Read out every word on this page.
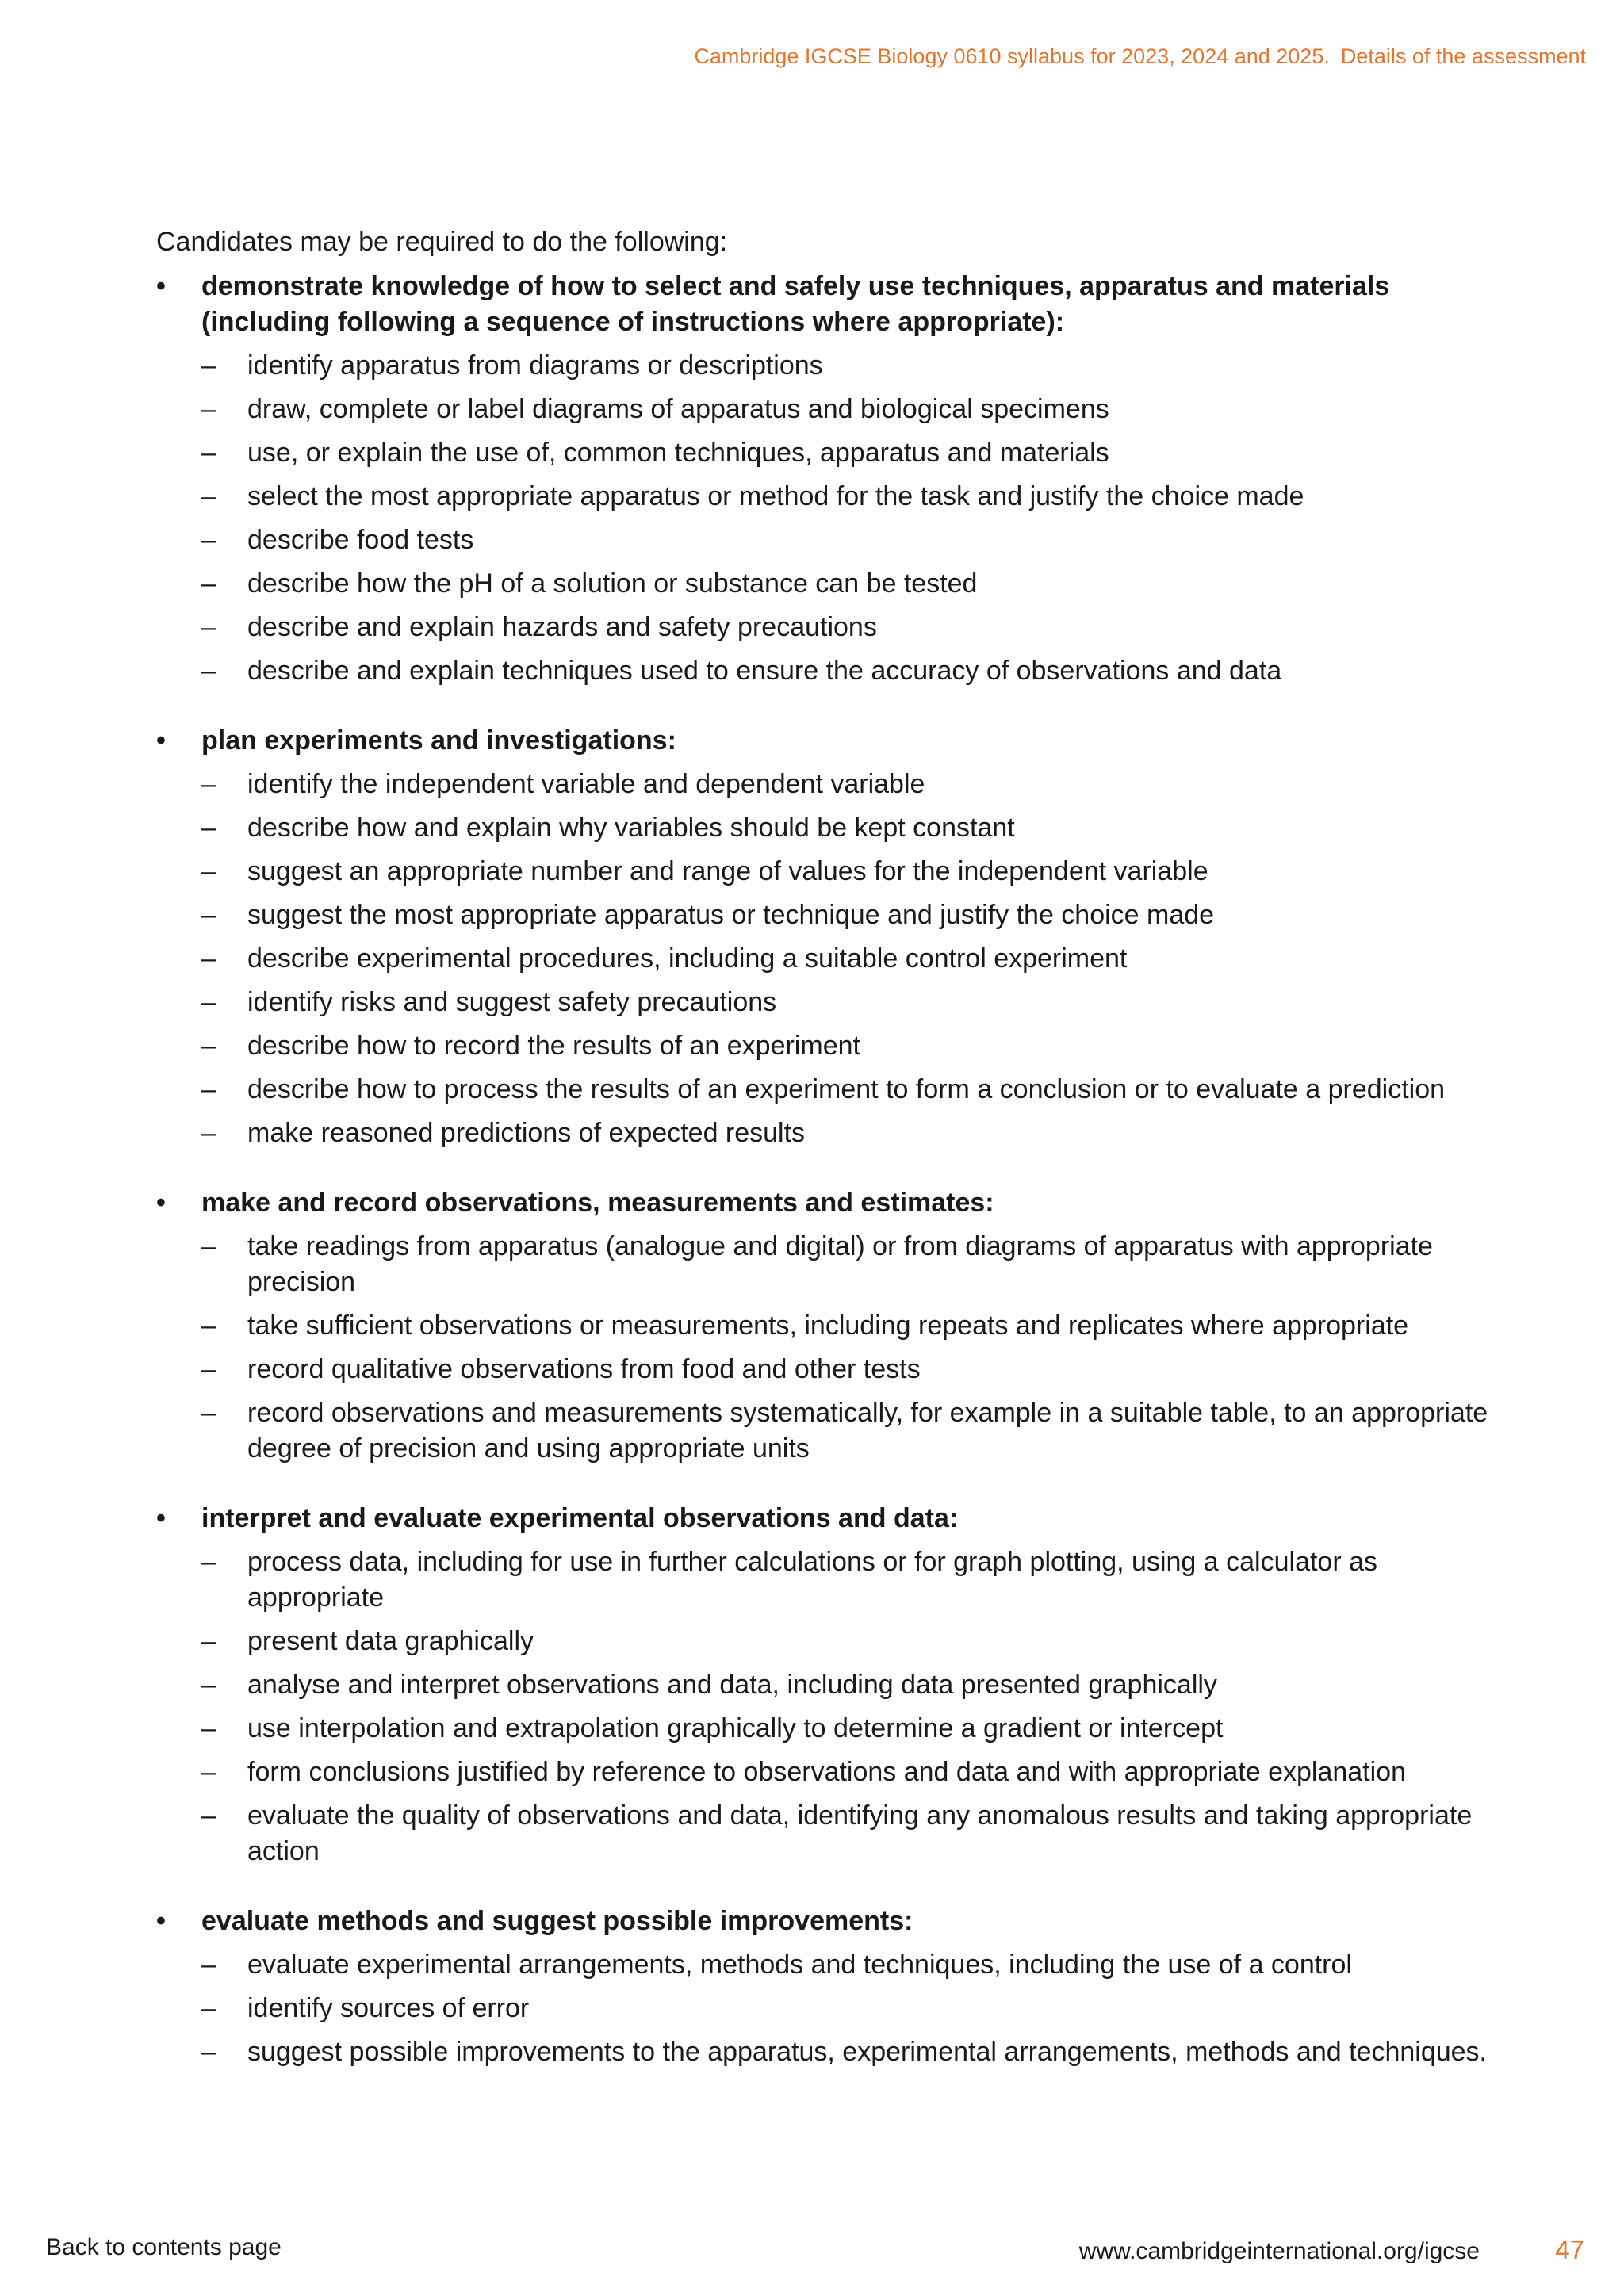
Cambridge IGCSE Biology 0610 syllabus for 2023, 2024 and 2025. Details of the assessment

Candidates may be required to do the following:

•	demonstrate knowledge of how to select and safely use techniques, apparatus and materials (including following a sequence of instructions where appropriate):
–	identify apparatus from diagrams or descriptions
–	draw, complete or label diagrams of apparatus and biological specimens
–	use, or explain the use of, common techniques, apparatus and materials
–	select the most appropriate apparatus or method for the task and justify the choice made
–	describe food tests
–	describe how the pH of a solution or substance can be tested
–	describe and explain hazards and safety precautions
–	describe and explain techniques used to ensure the accuracy of observations and data
•	plan experiments and investigations:
–	identify the independent variable and dependent variable
–	describe how and explain why variables should be kept constant
–	suggest an appropriate number and range of values for the independent variable
–	suggest the most appropriate apparatus or technique and justify the choice made
–	describe experimental procedures, including a suitable control experiment
–	identify risks and suggest safety precautions
–	describe how to record the results of an experiment
–	describe how to process the results of an experiment to form a conclusion or to evaluate a prediction
–	make reasoned predictions of expected results
•	make and record observations, measurements and estimates:
–	take readings from apparatus (analogue and digital) or from diagrams of apparatus with appropriate precision
–	take sufficient observations or measurements, including repeats and replicates where appropriate
–	record qualitative observations from food and other tests
–	record observations and measurements systematically, for example in a suitable table, to an appropriate degree of precision and using appropriate units
•	interpret and evaluate experimental observations and data:
–	process data, including for use in further calculations or for graph plotting, using a calculator as appropriate
–	present data graphically
–	analyse and interpret observations and data, including data presented graphically
–	use interpolation and extrapolation graphically to determine a gradient or intercept
–	form conclusions justified by reference to observations and data and with appropriate explanation
–	evaluate the quality of observations and data, identifying any anomalous results and taking appropriate action
•	evaluate methods and suggest possible improvements:
–	evaluate experimental arrangements, methods and techniques, including the use of a control
–	identify sources of error
–	suggest possible improvements to the apparatus, experimental arrangements, methods and techniques.
Back to contents page	www.cambridgeinternational.org/igcse	47
